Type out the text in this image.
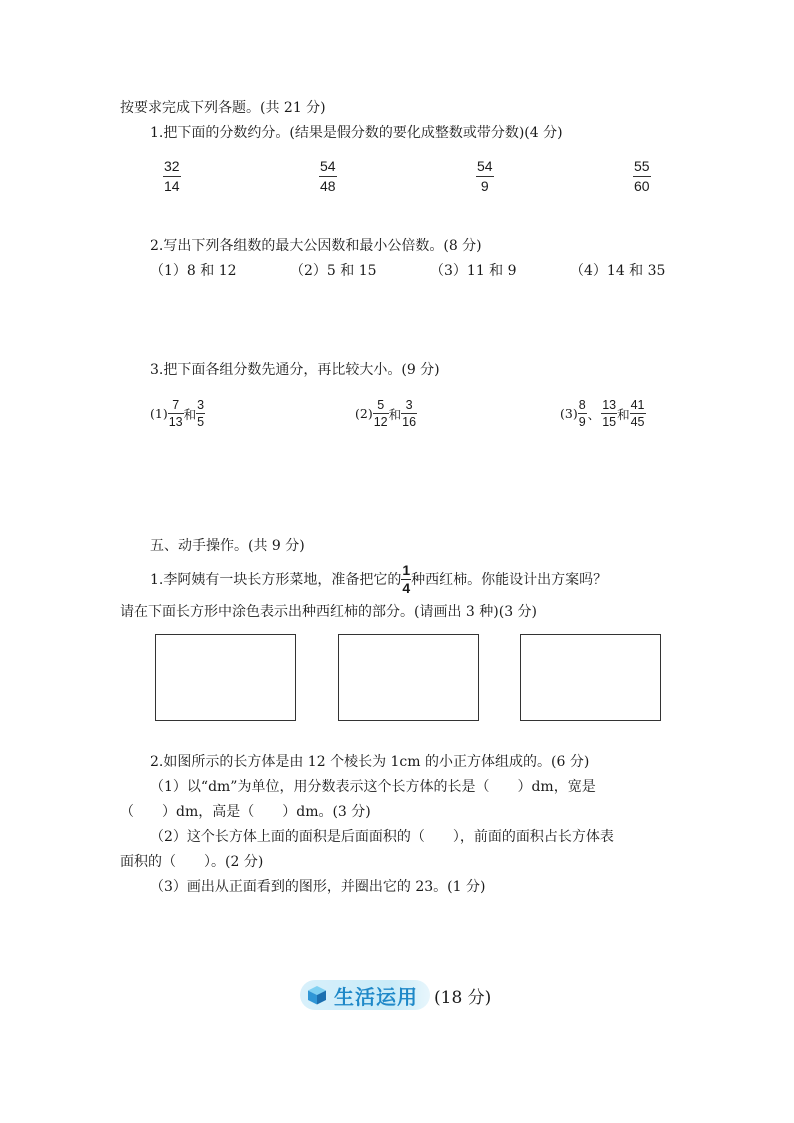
按要求完成下列各题。(共 21 分)
1.把下面的分数约分。(结果是假分数的要化成整数或带分数)(4 分)
$\frac{32}{14}$	$\frac{54}{48}$	$\frac{54}{9}$	$\frac{55}{60}$
2.写出下列各组数的最大公因数和最小公倍数。(8 分)
（1）8 和 12	（2）5 和 15	（3）11 和 9	（4）14 和 35
3.把下面各组分数先通分，再比较大小。(9 分)
$(1) \frac{7}{13}$ 和 $\frac{3}{5}$	$(2) \frac{5}{12}$ 和 $\frac{3}{16}$	$(3) \frac{8}{9}$ 、 $\frac{13}{15}$ 和 $\frac{41}{45}$
五、动手操作。(共 9 分)
1.李阿姨有一块长方形菜地，准备把它的 $\frac{1}{4}$ 种西红柿。你能设计出方案吗？
请在下面长方形中涂色表示出种西红柿的部分。(请画出 3 种)(3 分)
2.如图所示的长方体是由 12 个棱长为 1cm 的小正方体组成的。(6 分)
（1）以“dm”为单位，用分数表示这个长方体的长是（　　）dm，宽是
（　　）dm，高是（　　）dm。(3 分)
（2）这个长方体上面的面积是后面面积的（　　），前面的面积占长方体表
面积的（　　）。(2 分)
（3）画出从正面看到的图形，并圈出它的 23。(1 分)
生活运用 (18 分)
